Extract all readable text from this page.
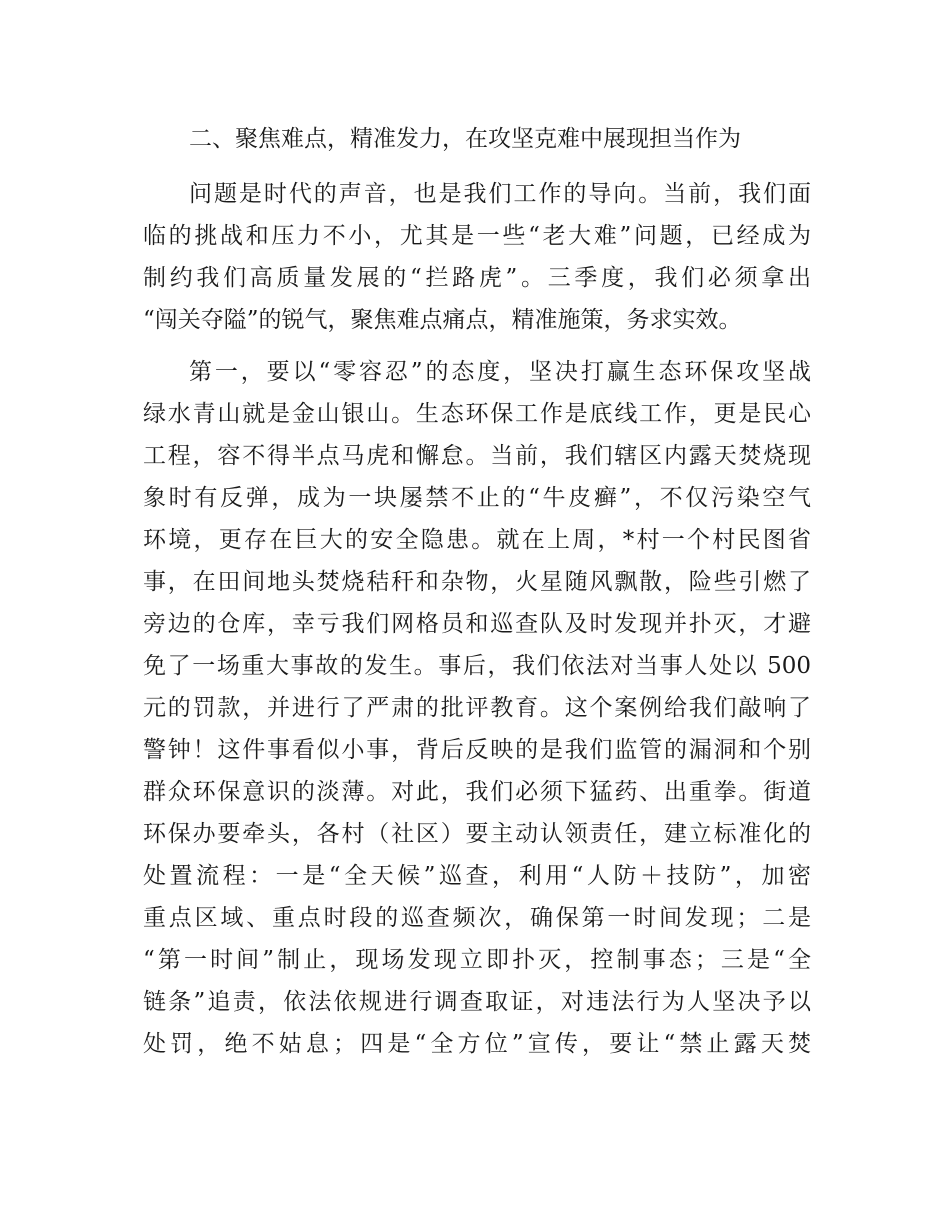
二、聚焦难点，精准发力，在攻坚克难中展现担当作为
问题是时代的声音，也是我们工作的导向。当前，我们面
临的挑战和压力不小，尤其是一些“老大难”问题，已经成为
制约我们高质量发展的“拦路虎”。三季度，我们必须拿出
“闯关夺隘”的锐气，聚焦难点痛点，精准施策，务求实效。
第一，要以“零容忍”的态度，坚决打赢生态环保攻坚战
绿水青山就是金山银山。生态环保工作是底线工作，更是民心
工程，容不得半点马虎和懈怠。当前，我们辖区内露天焚烧现
象时有反弹，成为一块屡禁不止的“牛皮癣”，不仅污染空气
环境，更存在巨大的安全隐患。就在上周，*村一个村民图省
事，在田间地头焚烧秸秆和杂物，火星随风飘散，险些引燃了
旁边的仓库，幸亏我们网格员和巡查队及时发现并扑灭，才避
免了一场重大事故的发生。事后，我们依法对当事人处以 500
元的罚款，并进行了严肃的批评教育。这个案例给我们敲响了
警钟！这件事看似小事，背后反映的是我们监管的漏洞和个别
群众环保意识的淡薄。对此，我们必须下猛药、出重拳。街道
环保办要牵头，各村（社区）要主动认领责任，建立标准化的
处置流程：一是“全天候”巡查，利用“人防＋技防”，加密
重点区域、重点时段的巡查频次，确保第一时间发现；二是
“第一时间”制止，现场发现立即扑灭，控制事态；三是“全
链条”追责，依法依规进行调查取证，对违法行为人坚决予以
处罚，绝不姑息；四是“全方位”宣传，要让“禁止露天焚
